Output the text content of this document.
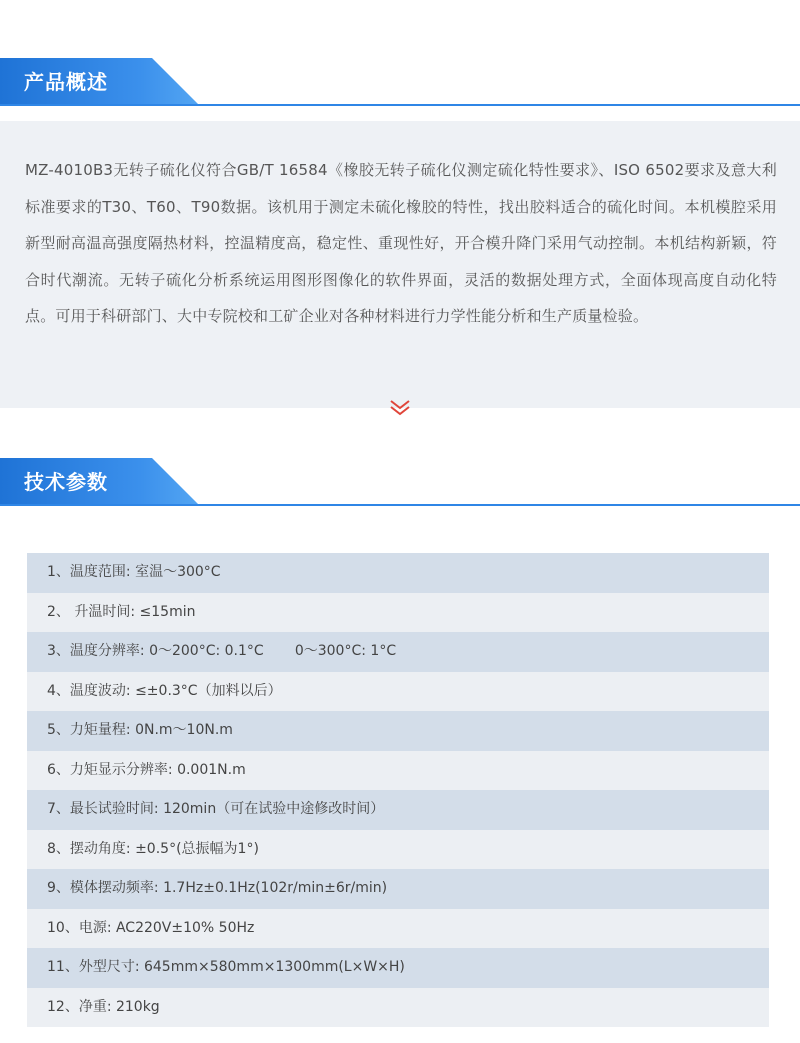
产品概述
MZ-4010B3无转子硫化仪符合GB/T 16584《橡胶无转子硫化仪测定硫化特性要求》、ISO 6502要求及意大利标准要求的T30、T60、T90数据。该机用于测定未硫化橡胶的特性，找出胶料适合的硫化时间。本机模腔采用新型耐高温高强度隔热材料，控温精度高，稳定性、重现性好，开合模升降门采用气动控制。本机结构新颖，符合时代潮流。无转子硫化分析系统运用图形图像化的软件界面，灵活的数据处理方式，全面体现高度自动化特点。可用于科研部门、大中专院校和工矿企业对各种材料进行力学性能分析和生产质量检验。
技术参数
1、温度范围: 室温～300°C
2、 升温时间: ≤15min
3、温度分辨率: 0～200°C: 0.1°C       0～300°C: 1°C
4、温度波动: ≤±0.3°C（加料以后）
5、力矩量程: 0N.m～10N.m
6、力矩显示分辨率: 0.001N.m
7、最长试验时间: 120min（可在试验中途修改时间）
8、摆动角度: ±0.5°(总振幅为1°)
9、模体摆动频率: 1.7Hz±0.1Hz(102r/min±6r/min)
10、电源: AC220V±10% 50Hz
11、外型尺寸: 645mm×580mm×1300mm(L×W×H)
12、净重: 210kg
